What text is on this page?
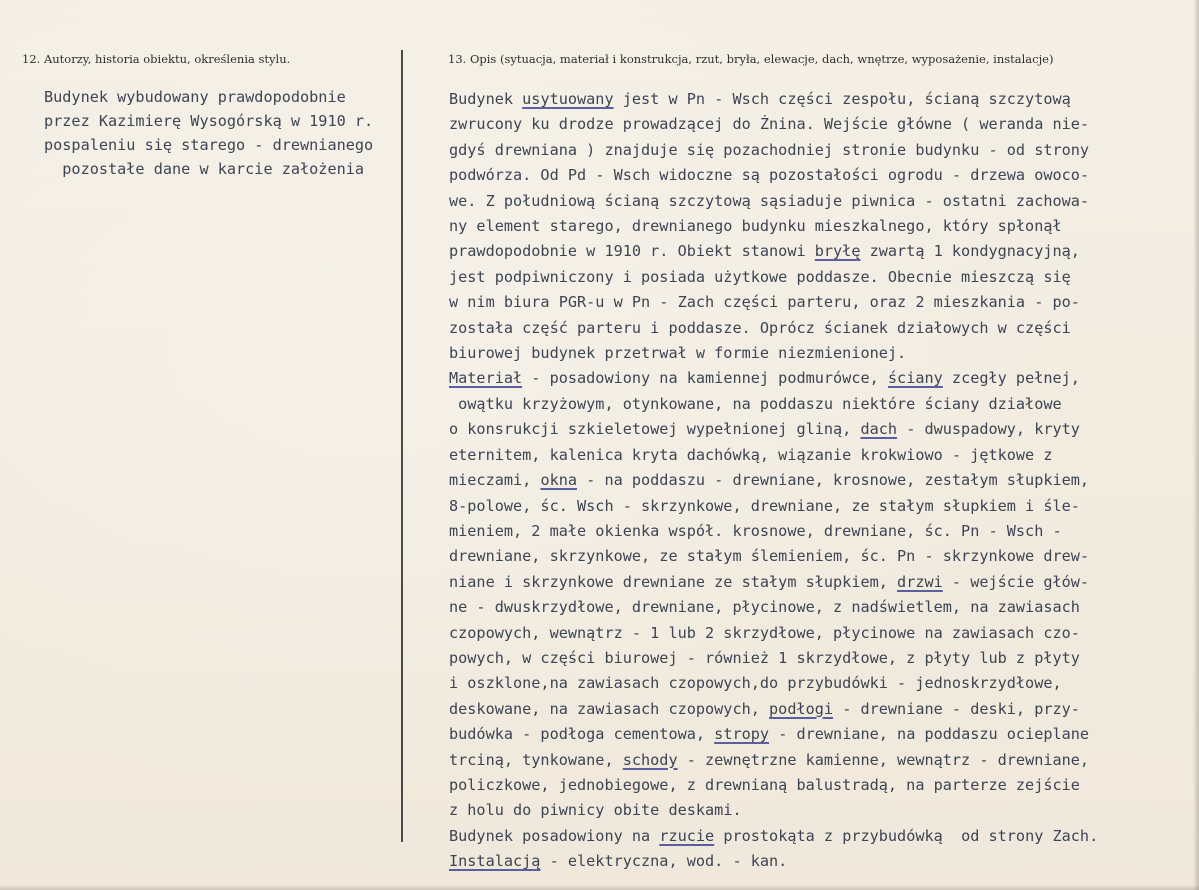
12. Autorzy, historia obiektu, określenia stylu.	13. Opis (sytuacja, materiał i konstrukcja, rzut, bryła, elewacje, dach, wnętrze, wyposażenie, instalacje)
Budynek wybudowany prawdopodobnie
przez Kazimierę Wysogórską w 1910 r.
pospaleniu się starego - drewnianego
pozostałe dane w karcie założenia
Budynek usytuowany jest w Pn - Wsch części zespołu, ścianą szczytową
zwrucony ku drodze prowadzącej do Żnina. Wejście główne ( weranda nie-
gdyś drewniana ) znajduje się pozachodniej stronie budynku - od strony
podwórza. Od Pd - Wsch widoczne są pozostałości ogrodu - drzewa owoco-
we. Z południową ścianą szczytową sąsiaduje piwnica - ostatni zachowa-
ny element starego, drewnianego budynku mieszkalnego, który spłonął
prawdopodobnie w 1910 r. Obiekt stanowi bryłę zwartą 1 kondygnacyjną,
jest podpiwniczony i posiada użytkowe poddasze. Obecnie mieszczą się
w nim biura PGR-u w Pn - Zach części parteru, oraz 2 mieszkania - po-
została część parteru i poddasze. Oprócz ścianek działowych w części
biurowej budynek przetrwał w formie niezmienionej.
Materiał - posadowiony na kamiennej podmurówce, ściany zcegły pełnej,
owątku krzyżowym, otynkowane, na poddaszu niektóre ściany działowe
o konsrukcji szkieletowej wypełnionej gliną, dach - dwuspadowy, kryty
eternitem, kalenica kryta dachówką, wiązanie krokwiowo - jętkowe z
mieczami, okna - na poddaszu - drewniane, krosnowe, zestałym słupkiem,
8-polowe, śc. Wsch - skrzynkowe, drewniane, ze stałym słupkiem i śle-
mieniem, 2 małe okienka współ. krosnowe, drewniane, śc. Pn - Wsch -
drewniane, skrzynkowe, ze stałym ślemieniem, śc. Pn - skrzynkowe drew-
niane i skrzynkowe drewniane ze stałym słupkiem, drzwi - wejście głów-
ne - dwuskrzydłowe, drewniane, płycinowe, z nadświetlem, na zawiasach
czopowych, wewnątrz - 1 lub 2 skrzydłowe, płycinowe na zawiasach czo-
powych, w części biurowej - również 1 skrzydłowe, z płyty lub z płyty
i oszklone,na zawiasach czopowych,do przybudówki - jednoskrzydłowe,
deskowane, na zawiasach czopowych, podłogi - drewniane - deski, przy-
budówka - podłoga cementowa, stropy - drewniane, na poddaszu ocieplane
trciną, tynkowane, schody - zewnętrzne kamienne, wewnątrz - drewniane,
policzkowe, jednobiegowe, z drewnianą balustradą, na parterze zejście
z holu do piwnicy obite deskami.
Budynek posadowiony na rzucie prostokąta z przybudówką  od strony Zach.
Instalacją - elektryczna, wod. - kan.
